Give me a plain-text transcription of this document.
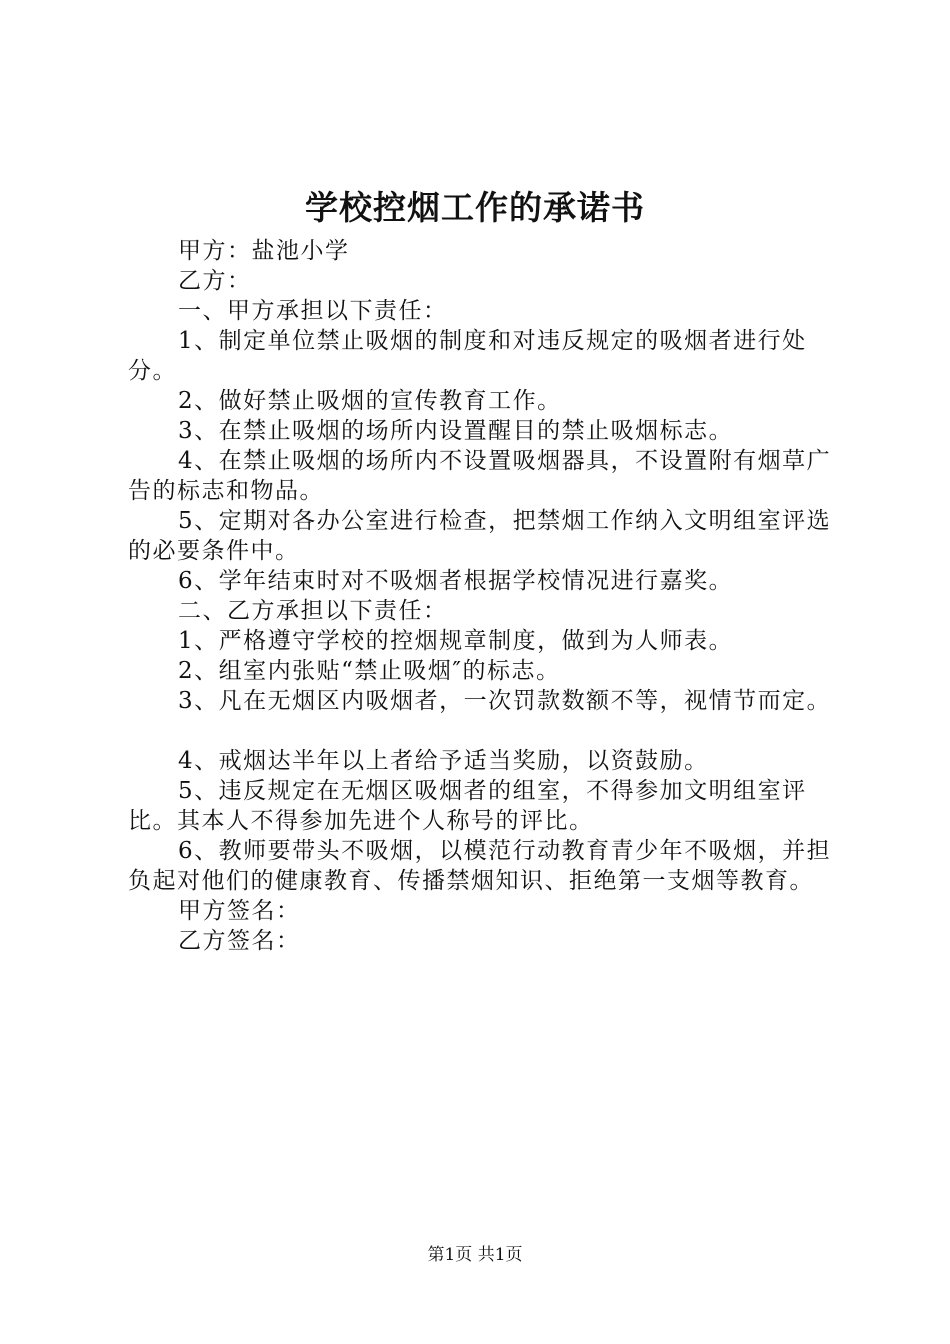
学校控烟工作的承诺书

甲方：盐池小学

乙方：

一、甲方承担以下责任：

1、制定单位禁止吸烟的制度和对违反规定的吸烟者进行处分。

2、做好禁止吸烟的宣传教育工作。

3、在禁止吸烟的场所内设置醒目的禁止吸烟标志。

4、在禁止吸烟的场所内不设置吸烟器具，不设置附有烟草广告的标志和物品。

5、定期对各办公室进行检查，把禁烟工作纳入文明组室评选的必要条件中。

6、学年结束时对不吸烟者根据学校情况进行嘉奖。

二、乙方承担以下责任：

1、严格遵守学校的控烟规章制度，做到为人师表。

2、组室内张贴“禁止吸烟″的标志。

3、凡在无烟区内吸烟者，一次罚款数额不等，视情节而定。

4、戒烟达半年以上者给予适当奖励，以资鼓励。

5、违反规定在无烟区吸烟者的组室，不得参加文明组室评比。其本人不得参加先进个人称号的评比。

6、教师要带头不吸烟，以模范行动教育青少年不吸烟，并担负起对他们的健康教育、传播禁烟知识、拒绝第一支烟等教育。

甲方签名：

乙方签名：

第1页 共1页
